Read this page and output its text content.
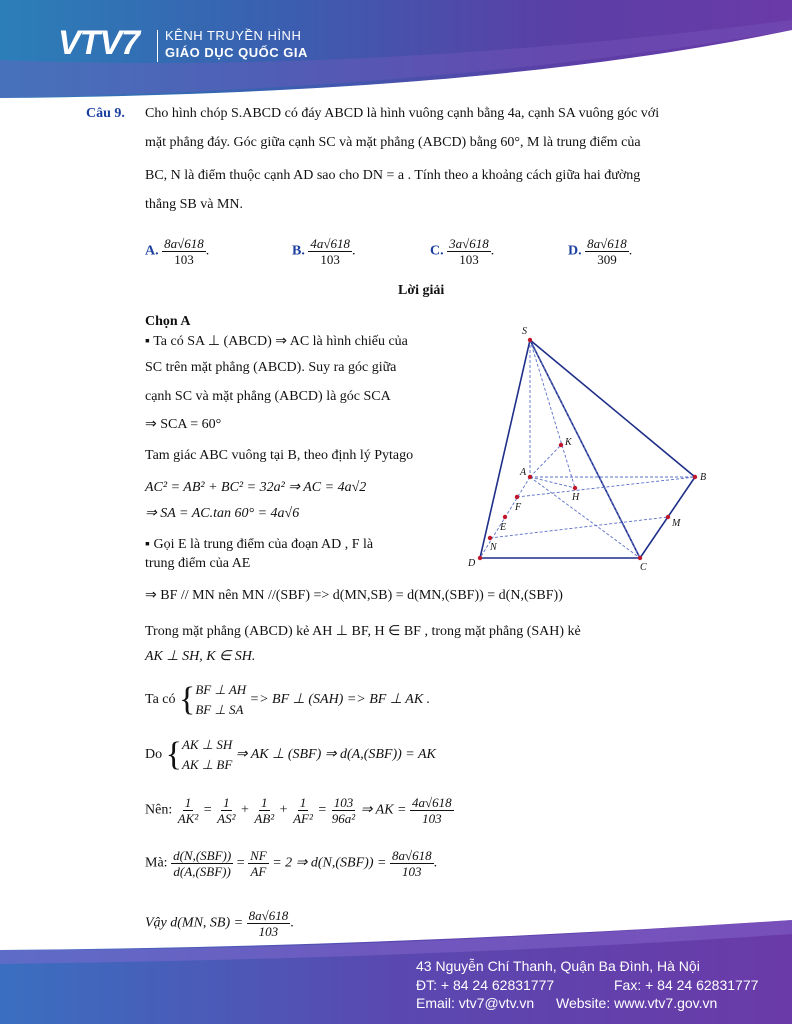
VTV7 KÊNH TRUYỀN HÌNH
GIÁO DỤC QUỐC GIA
Câu 9. Cho hình chóp S.ABCD có đáy ABCD là hình vuông cạnh bằng 4a, cạnh SA vuông góc với
mặt phẳng đáy. Góc giữa cạnh SC và mặt phẳng (ABCD) bằng 60°, M là trung điểm của
BC, N là điểm thuộc cạnh AD sao cho DN = a . Tính theo a khoảng cách giữa hai đường
thẳng SB và MN.
A. $\frac{8a√618}{103}$ .	B. $\frac{4a√618}{103}$ .	C. $\frac{3a√618}{103}$ .	D. $\frac{8a√618}{309}$ .
Lời giải
Chọn A
▪ Ta có SA ⊥ (ABCD) ⇒ AC là hình chiếu của
SC trên mặt phẳng (ABCD). Suy ra góc giữa
cạnh SC và mặt phẳng (ABCD) là góc SCA
⇒ SCA = 60°
Tam giác ABC vuông tại B, theo định lý Pytago
AC² = AB² + BC² = 32a² ⇒ AC = 4a√2
⇒ SA = AC.tan 60° = 4a√6
▪ Gọi E là trung điểm của đoạn AD , F là
trung điểm của AE
⇒ BF // MN nên MN //(SBF) => d(MN,SB) = d(MN,(SBF)) = d(N,(SBF))
Trong mặt phẳng (ABCD) kẻ AH ⊥ BF, H ∈ BF , trong mặt phẳng (SAH) kẻ
AK ⊥ SH, K ∈ SH.
Ta có { BF ⊥ AH
BF ⊥ SA
=> BF ⊥ (SAH) => BF ⊥ AK .
Do { AK ⊥ SH
AK ⊥ BF
⇒ AK ⊥ (SBF) ⇒ d(A,(SBF)) = AK
Nên: $\frac{1}{\text{AK²}} = \frac{1}{\text{AS²}} + \frac{1}{\text{AB²}} + \frac{1}{\text{AF²}} = \frac{103}{\text{96a²}}$ ⇒ AK = $\frac{4a√618}{103}$
Mà: $\frac{\text{d(N,(SBF))}}{\text{d(A,(SBF))}} = \frac{NF}{AF} = 2$ ⇒ $d(N,(SBF)) = \frac{8a√618}{103}$ .
Vậy d(MN, $SB) = \frac{8a√618}{103}$ .
S
A	B
C
D
M
N
E
F
H
K
43 Nguyễn Chí Thanh, Quận Ba Đình, Hà Nội
ĐT: + 84 24 62831777	Fax: + 84 24 62831777
Email: vtv7@vtv.vn Website: www.vtv7.gov.vn
